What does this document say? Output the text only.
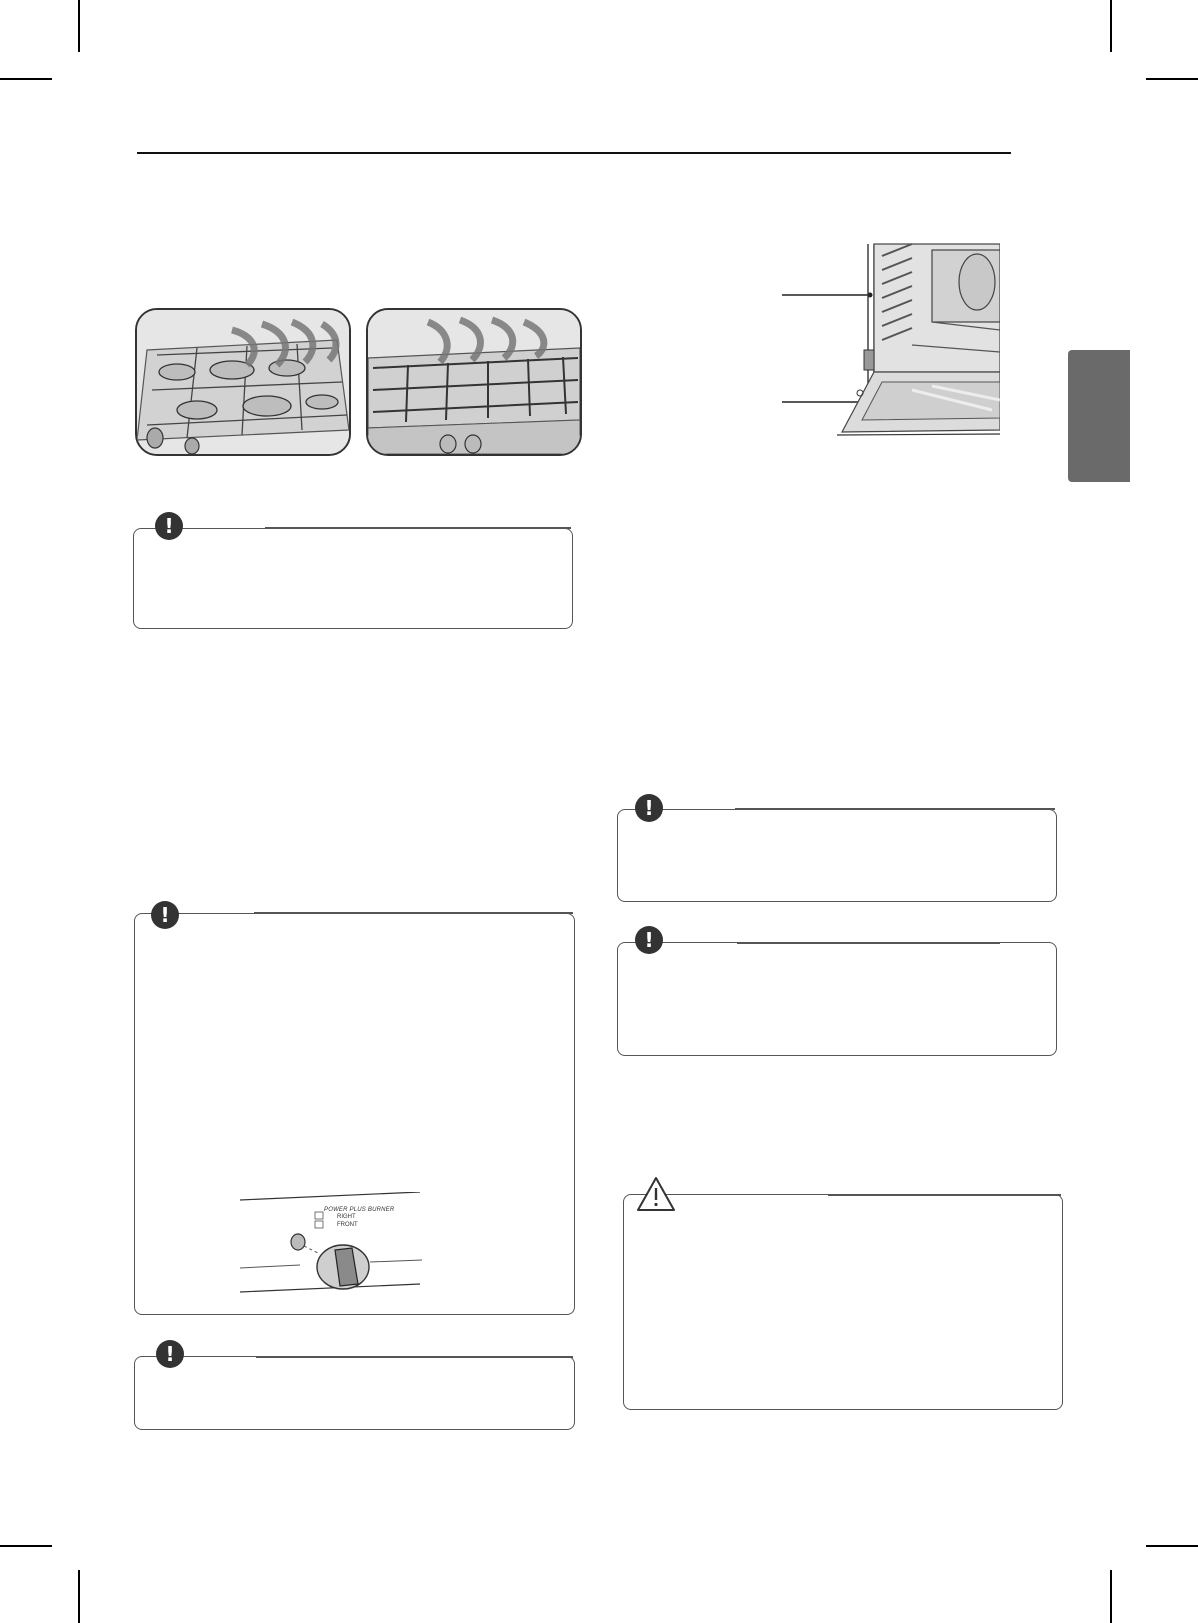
!
!
POWER PLUS BURNER
RIGHT
FRONT
!
!
!
